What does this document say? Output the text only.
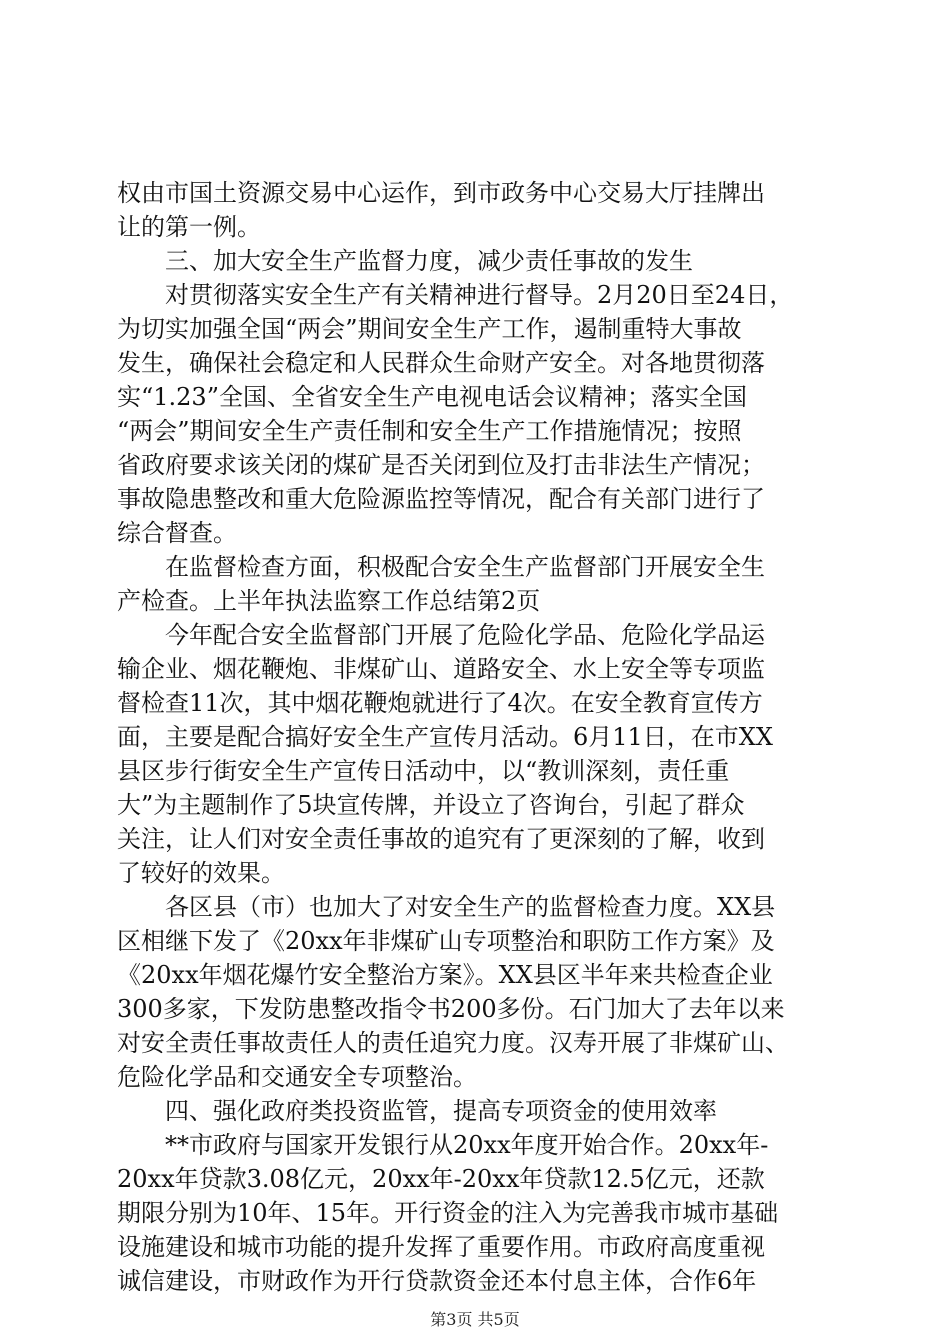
权由市国土资源交易中心运作，到市政务中心交易大厅挂牌出
让的第一例。
三、加大安全生产监督力度，减少责任事故的发生
对贯彻落实安全生产有关精神进行督导。2月20日至24日，
为切实加强全国“两会”期间安全生产工作，遏制重特大事故
发生，确保社会稳定和人民群众生命财产安全。对各地贯彻落
实“1.23”全国、全省安全生产电视电话会议精神；落实全国
“两会”期间安全生产责任制和安全生产工作措施情况；按照
省政府要求该关闭的煤矿是否关闭到位及打击非法生产情况；
事故隐患整改和重大危险源监控等情况，配合有关部门进行了
综合督查。
在监督检查方面，积极配合安全生产监督部门开展安全生
产检查。上半年执法监察工作总结第2页
今年配合安全监督部门开展了危险化学品、危险化学品运
输企业、烟花鞭炮、非煤矿山、道路安全、水上安全等专项监
督检查11次，其中烟花鞭炮就进行了4次。在安全教育宣传方
面，主要是配合搞好安全生产宣传月活动。6月11日，在市XX
县区步行街安全生产宣传日活动中，以“教训深刻，责任重
大”为主题制作了5块宣传牌，并设立了咨询台，引起了群众
关注，让人们对安全责任事故的追究有了更深刻的了解，收到
了较好的效果。
各区县（市）也加大了对安全生产的监督检查力度。XX县
区相继下发了《20xx年非煤矿山专项整治和职防工作方案》及
《20xx年烟花爆竹安全整治方案》。XX县区半年来共检查企业
300多家，下发防患整改指令书200多份。石门加大了去年以来
对安全责任事故责任人的责任追究力度。汉寿开展了非煤矿山、
危险化学品和交通安全专项整治。
四、强化政府类投资监管，提高专项资金的使用效率
**市政府与国家开发银行从20xx年度开始合作。20xx年-
20xx年贷款3.08亿元，20xx年-20xx年贷款12.5亿元，还款
期限分别为10年、15年。开行资金的注入为完善我市城市基础
设施建设和城市功能的提升发挥了重要作用。市政府高度重视
诚信建设，市财政作为开行贷款资金还本付息主体，合作6年
第3页 共5页
